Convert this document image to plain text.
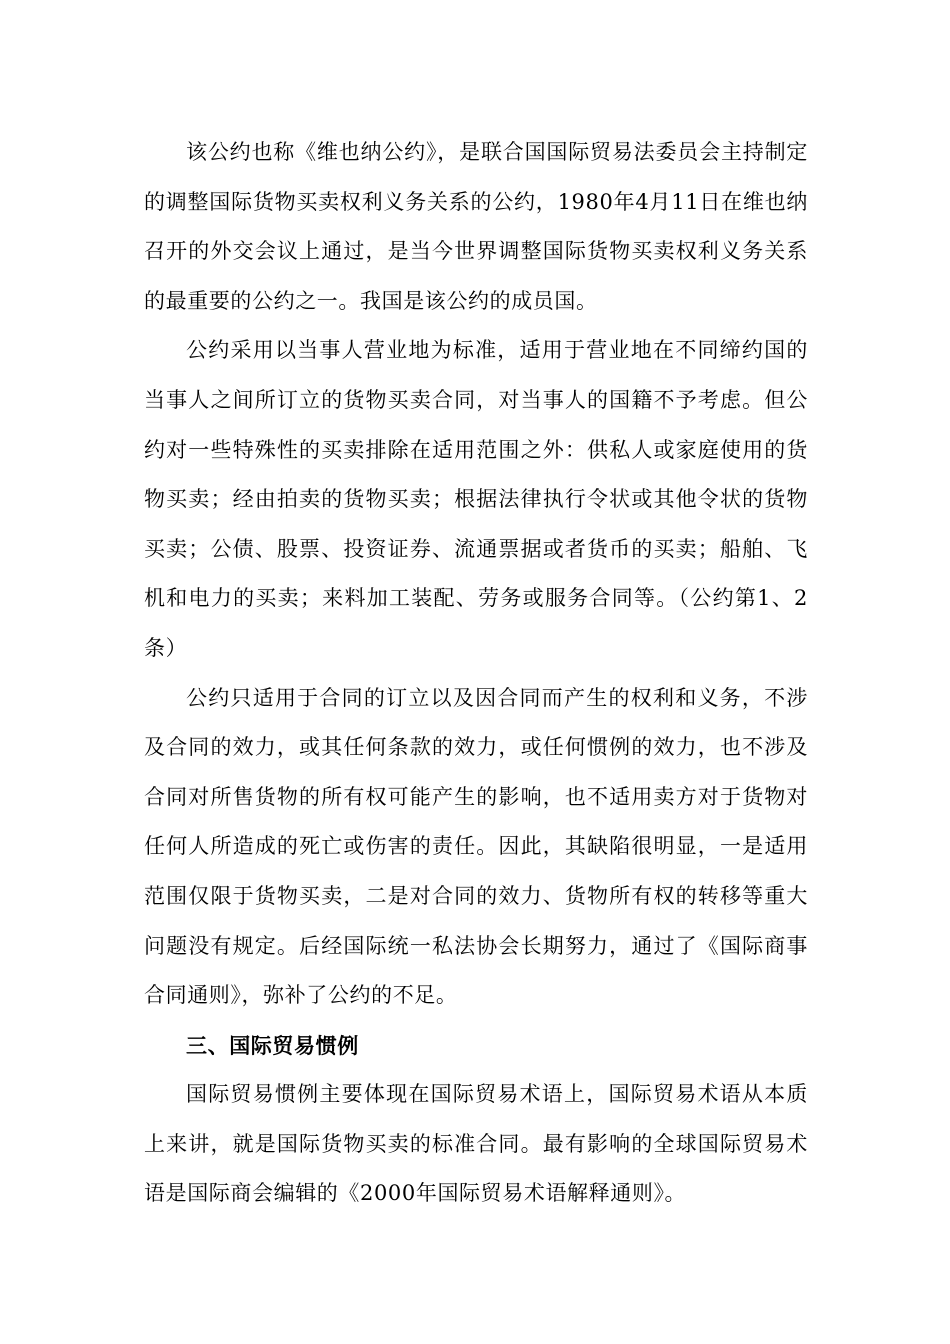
该公约也称《维也纳公约》，是联合国国际贸易法委员会主持制定的调整国际货物买卖权利义务关系的公约，1980年4月11日在维也纳召开的外交会议上通过，是当今世界调整国际货物买卖权利义务关系的最重要的公约之一。我国是该公约的成员国。

公约采用以当事人营业地为标准，适用于营业地在不同缔约国的当事人之间所订立的货物买卖合同，对当事人的国籍不予考虑。但公约对一些特殊性的买卖排除在适用范围之外：供私人或家庭使用的货物买卖；经由拍卖的货物买卖；根据法律执行令状或其他令状的货物买卖；公债、股票、投资证券、流通票据或者货币的买卖；船舶、飞机和电力的买卖；来料加工装配、劳务或服务合同等。（公约第1、2条）

公约只适用于合同的订立以及因合同而产生的权利和义务，不涉及合同的效力，或其任何条款的效力，或任何惯例的效力，也不涉及合同对所售货物的所有权可能产生的影响，也不适用卖方对于货物对任何人所造成的死亡或伤害的责任。因此，其缺陷很明显，一是适用范围仅限于货物买卖，二是对合同的效力、货物所有权的转移等重大问题没有规定。后经国际统一私法协会长期努力，通过了《国际商事合同通则》，弥补了公约的不足。

三、国际贸易惯例

国际贸易惯例主要体现在国际贸易术语上，国际贸易术语从本质上来讲，就是国际货物买卖的标准合同。最有影响的全球国际贸易术语是国际商会编辑的《2000年国际贸易术语解释通则》。
